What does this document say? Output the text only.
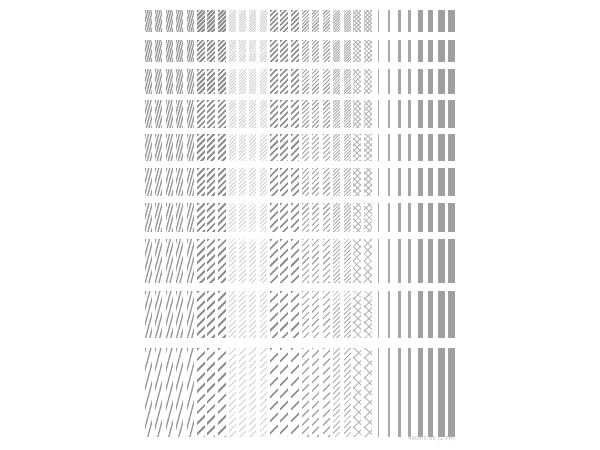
4904/5-b0 (1.7M)
